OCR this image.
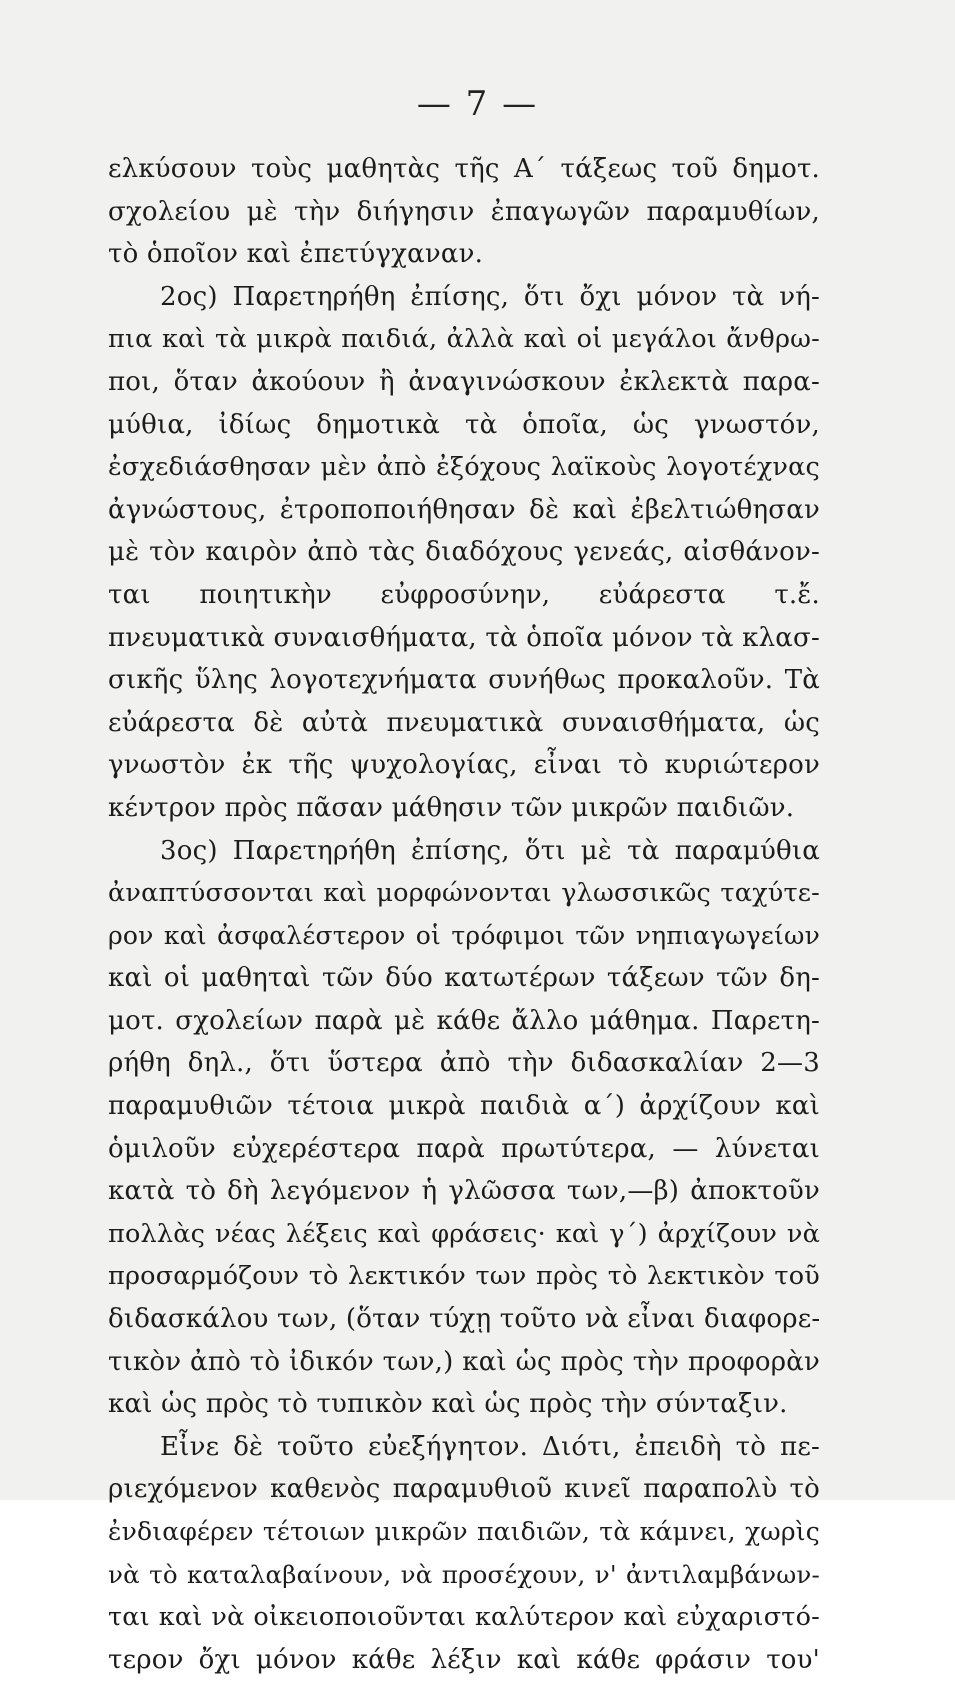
— 7 —
ελκύσουν τοὺς μαθητὰς τῆς Α΄ τάξεως τοῦ δημοτ.
σχολείου μὲ τὴν διήγησιν ἐπαγωγῶν παραμυθίων,
τὸ ὁποῖον καὶ ἐπετύγχαναν.
2ος) Παρετηρήθη ἐπίσης, ὅτι ὄχι μόνον τὰ νή-
πια καὶ τὰ μικρὰ παιδιά, ἀλλὰ καὶ οἱ μεγάλοι ἄνθρω-
ποι, ὅταν ἀκούουν ἢ ἀναγινώσκουν ἐκλεκτὰ παρα-
μύθια, ἰδίως δημοτικὰ τὰ ὁποῖα, ὡς γνωστόν,
ἐσχεδιάσθησαν μὲν ἀπὸ ἐξόχους λαϊκοὺς λογοτέχνας
ἀγνώστους, ἐτροποποιήθησαν δὲ καὶ ἐβελτιώθησαν
μὲ τὸν καιρὸν ἀπὸ τὰς διαδόχους γενεάς, αἰσθάνον-
ται ποιητικὴν εὐφροσύνην, εὐάρεστα τ.ἔ.
πνευματικὰ συναισθήματα, τὰ ὁποῖα μόνον τὰ κλασ-
σικῆς ὕλης λογοτεχνήματα συνήθως προκαλοῦν. Τὰ
εὐάρεστα δὲ αὐτὰ πνευματικὰ συναισθήματα, ὡς
γνωστὸν ἐκ τῆς ψυχολογίας, εἶναι τὸ κυριώτερον
κέντρον πρὸς πᾶσαν μάθησιν τῶν μικρῶν παιδιῶν.
3ος) Παρετηρήθη ἐπίσης, ὅτι μὲ τὰ παραμύθια
ἀναπτύσσονται καὶ μορφώνονται γλωσσικῶς ταχύτε-
ρον καὶ ἀσφαλέστερον οἱ τρόφιμοι τῶν νηπιαγωγείων
καὶ οἱ μαθηταὶ τῶν δύο κατωτέρων τάξεων τῶν δη-
μοτ. σχολείων παρὰ μὲ κάθε ἄλλο μάθημα. Παρετη-
ρήθη δηλ., ὅτι ὕστερα ἀπὸ τὴν διδασκαλίαν 2—3
παραμυθιῶν τέτοια μικρὰ παιδιὰ α΄) ἀρχίζουν καὶ
ὁμιλοῦν εὐχερέστερα παρὰ πρωτύτερα, — λύνεται
κατὰ τὸ δὴ λεγόμενον ἡ γλῶσσα των,—β) ἀποκτοῦν
πολλὰς νέας λέξεις καὶ φράσεις· καὶ γ΄) ἀρχίζουν νὰ
προσαρμόζουν τὸ λεκτικόν των πρὸς τὸ λεκτικὸν τοῦ
διδασκάλου των, (ὅταν τύχῃ τοῦτο νὰ εἶναι διαφορε-
τικὸν ἀπὸ τὸ ἰδικόν των,) καὶ ὡς πρὸς τὴν προφορὰν
καὶ ὡς πρὸς τὸ τυπικὸν καὶ ὡς πρὸς τὴν σύνταξιν.
Εἶνε δὲ τοῦτο εὐεξήγητον. Διότι, ἐπειδὴ τὸ πε-
ριεχόμενον καθενὸς παραμυθιοῦ κινεῖ παραπολὺ τὸ
ἐνδιαφέρεν τέτοιων μικρῶν παιδιῶν, τὰ κάμνει, χωρὶς
νὰ τὸ καταλαβαίνουν, νὰ προσέχουν, ν' ἀντιλαμβάνων-
ται καὶ νὰ οἰκειοποιοῦνται καλύτερον καὶ εὐχαριστό-
τερον ὄχι μόνον κάθε λέξιν καὶ κάθε φράσιν του'
